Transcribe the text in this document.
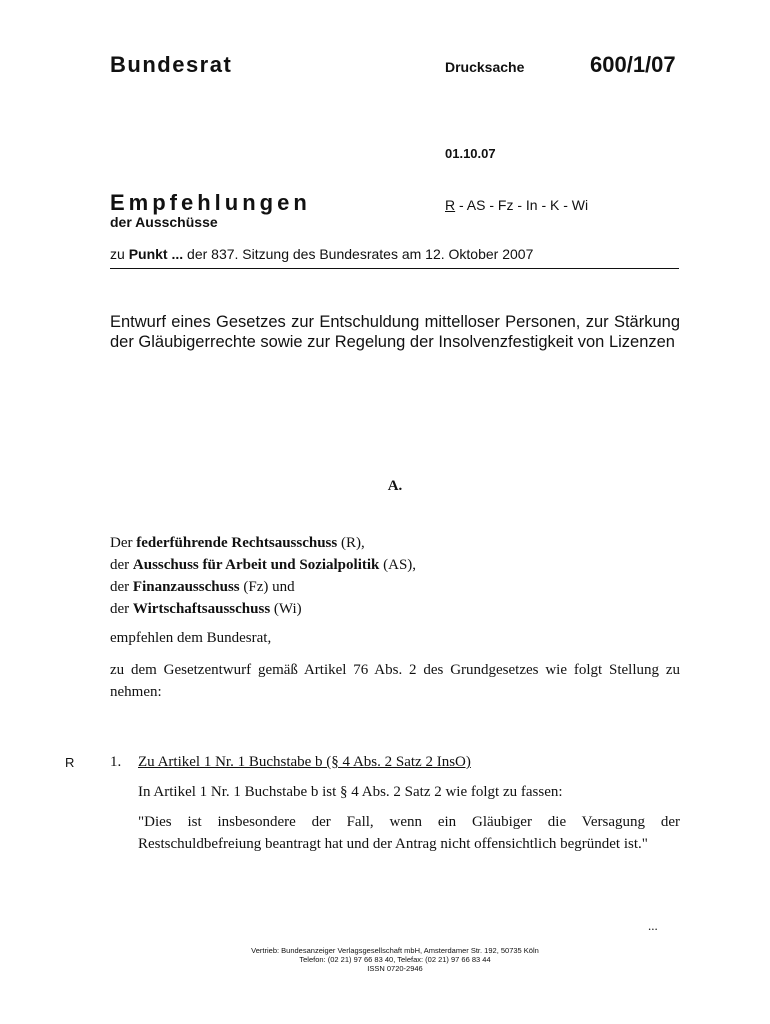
Bundesrat	Drucksache	600/1/07
01.10.07
Empfehlungen
der Ausschüsse
R - AS - Fz - In - K - Wi
zu Punkt ... der 837. Sitzung des Bundesrates am 12. Oktober 2007
Entwurf eines Gesetzes zur Entschuldung mittelloser Personen, zur Stärkung der Gläubigerrechte sowie zur Regelung der Insolvenzfestigkeit von Lizenzen
A.
Der federführende Rechtsausschuss (R),
der Ausschuss für Arbeit und Sozialpolitik (AS),
der Finanzausschuss (Fz) und
der Wirtschaftsausschuss (Wi)
empfehlen dem Bundesrat,
zu dem Gesetzentwurf gemäß Artikel 76 Abs. 2 des Grundgesetzes wie folgt Stellung zu nehmen:
R 1. Zu Artikel 1 Nr. 1 Buchstabe b (§ 4 Abs. 2 Satz 2 InsO)
In Artikel 1 Nr. 1 Buchstabe b ist § 4 Abs. 2 Satz 2 wie folgt zu fassen:
"Dies ist insbesondere der Fall, wenn ein Gläubiger die Versagung der Restschuldbefreiung beantragt hat und der Antrag nicht offensichtlich begründet ist."
...
Vertrieb: Bundesanzeiger Verlagsgesellschaft mbH, Amsterdamer Str. 192, 50735 Köln
Telefon: (02 21) 97 66 83 40, Telefax: (02 21) 97 66 83 44
ISSN 0720-2946
